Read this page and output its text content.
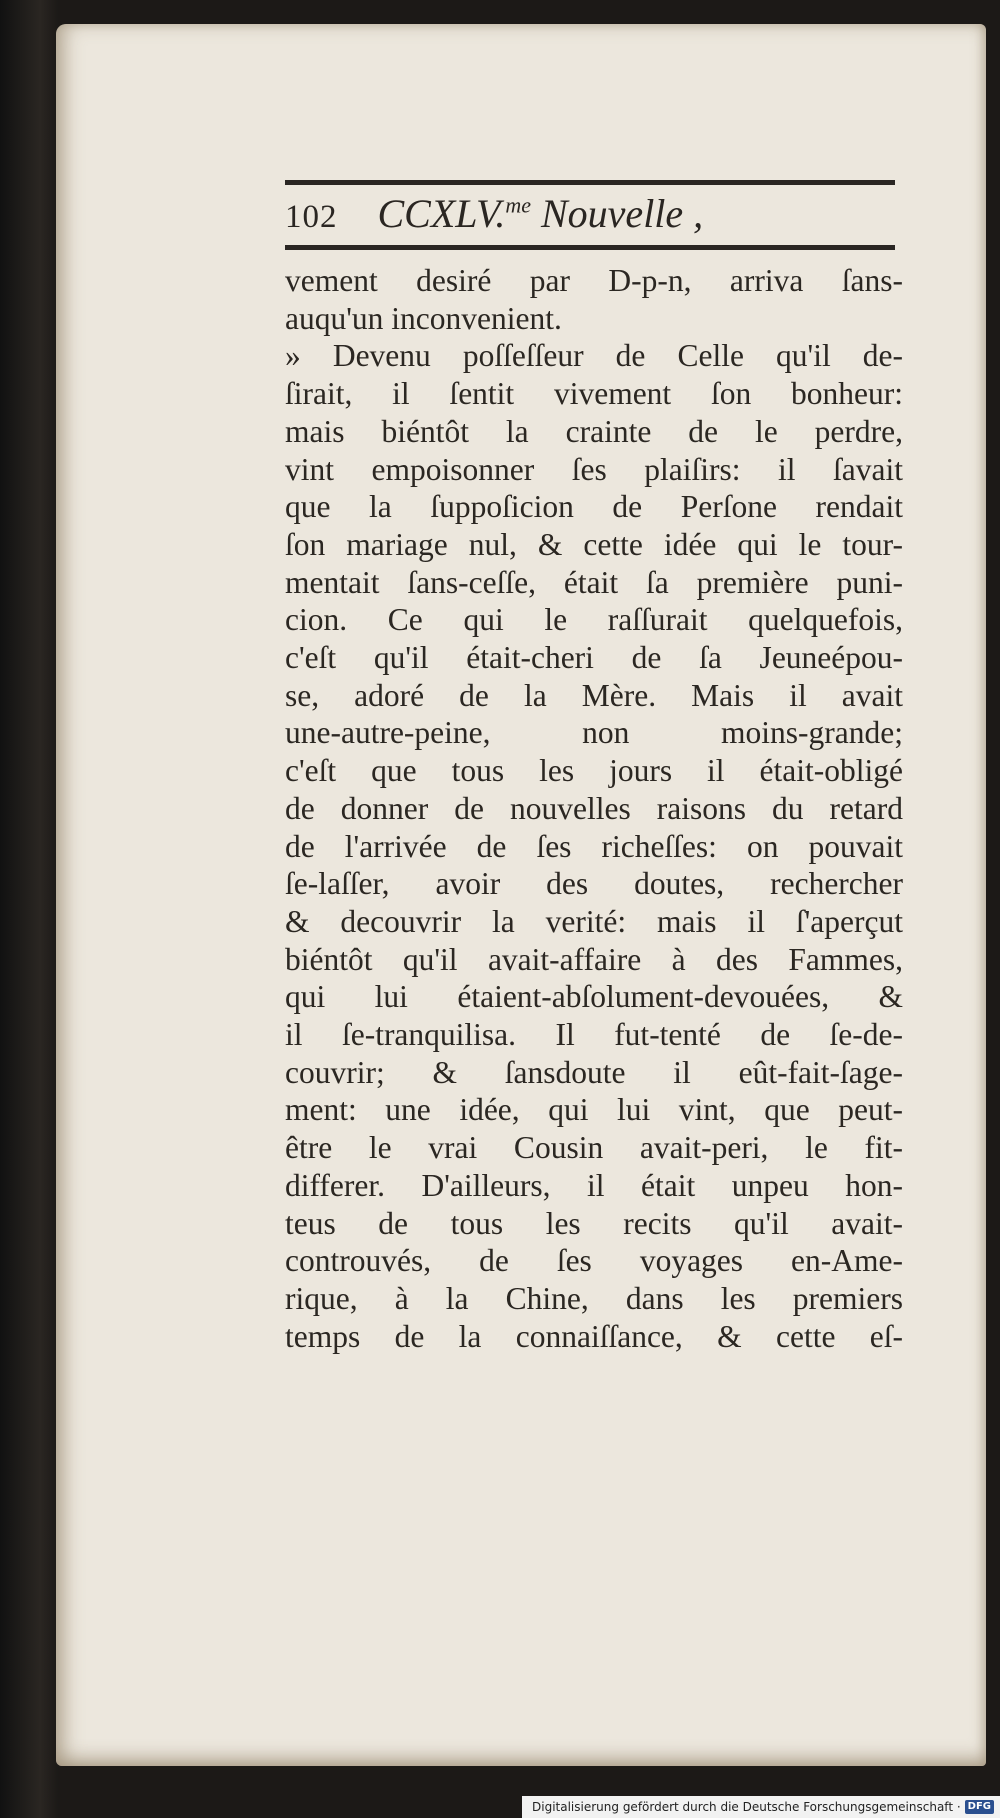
102 CCXLV.$^{me}$ Nouvelle ,

vement desiré par D-p-n, arriva ſans-
auqu'un inconvenient.
» Devenu poſſeſſeur de Celle qu'il de-
ſirait, il ſentit vivement ſon bonheur:
mais biéntôt la crainte de le perdre,
vint empoisonner ſes plaiſirs: il ſavait
que la ſuppoſicion de Perſone rendait
ſon mariage nul, & cette idée qui le tour-
mentait ſans-ceſſe, était ſa première puni-
cion. Ce qui le raſſurait quelquefois,
c'eſt qu'il était-cheri de ſa Jeuneépou-
se, adoré de la Mère. Mais il avait
une-autre-peine, non moins-grande;
c'eſt que tous les jours il était-obligé
de donner de nouvelles raisons du retard
de l'arrivée de ſes richeſſes: on pouvait
ſe-laſſer, avoir des doutes, rechercher
& decouvrir la verité: mais il ſ'aperçut
biéntôt qu'il avait-affaire à des Fammes,
qui lui étaient-abſolument-devouées, &
il ſe-tranquilisa. Il fut-tenté de ſe-de-
couvrir; & ſansdoute il eût-fait-ſage-
ment: une idée, qui lui vint, que peut-
être le vrai Cousin avait-peri, le fit-
differer. D'ailleurs, il était unpeu hon-
teus de tous les recits qu'il avait-
controuvés, de ſes voyages en-Ame-
rique, à la Chine, dans les premiers
temps de la connaiſſance, & cette eſ-

Digitalisierung gefördert durch die Deutsche Forschungsgemeinschaft · DFG
